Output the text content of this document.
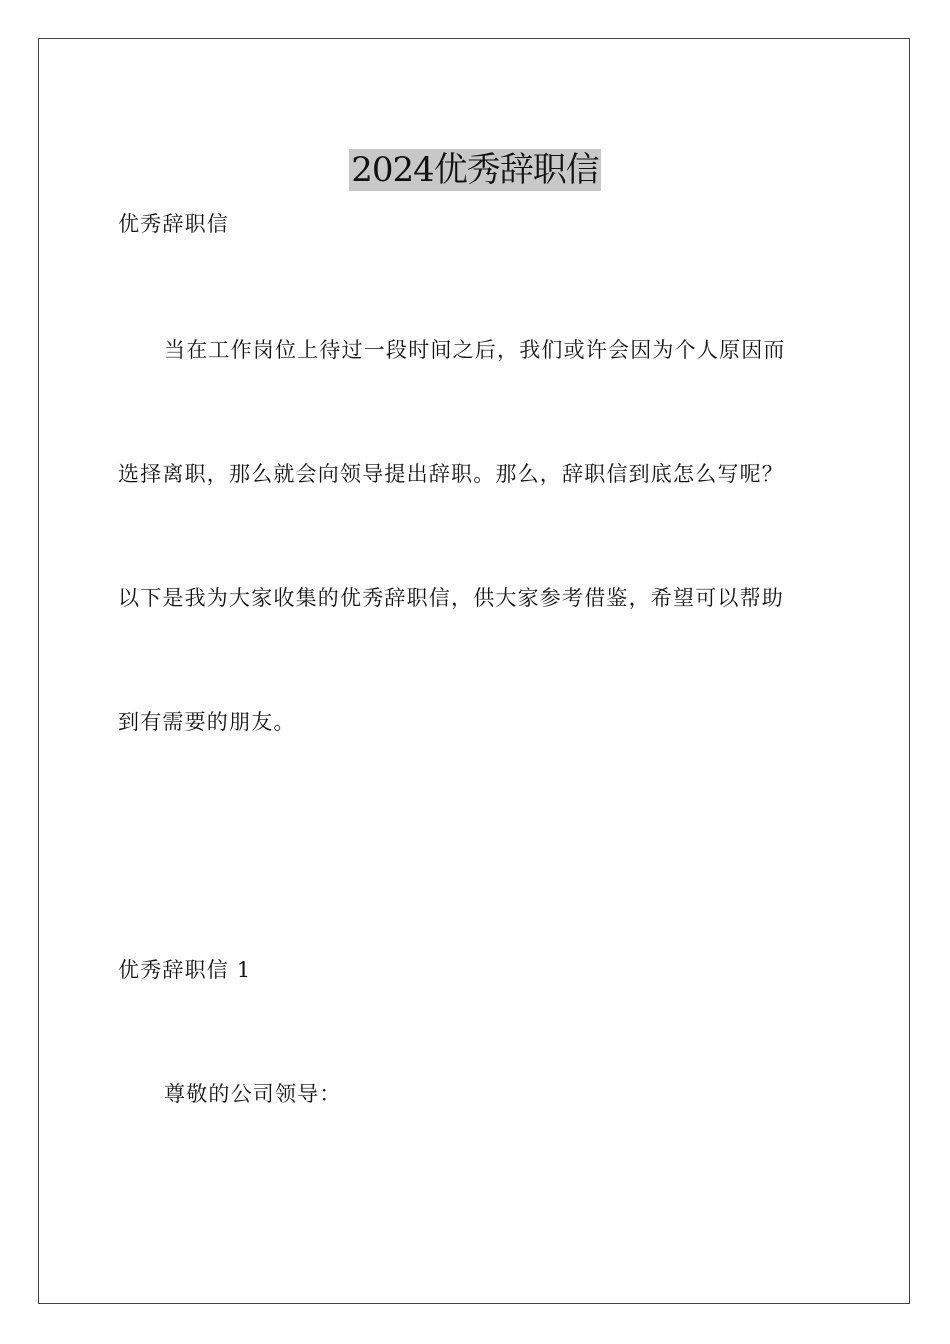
2024优秀辞职信
优秀辞职信
当在工作岗位上待过一段时间之后，我们或许会因为个人原因而
选择离职，那么就会向领导提出辞职。那么，辞职信到底怎么写呢？
以下是我为大家收集的优秀辞职信，供大家参考借鉴，希望可以帮助
到有需要的朋友。
优秀辞职信 1
尊敬的公司领导：
